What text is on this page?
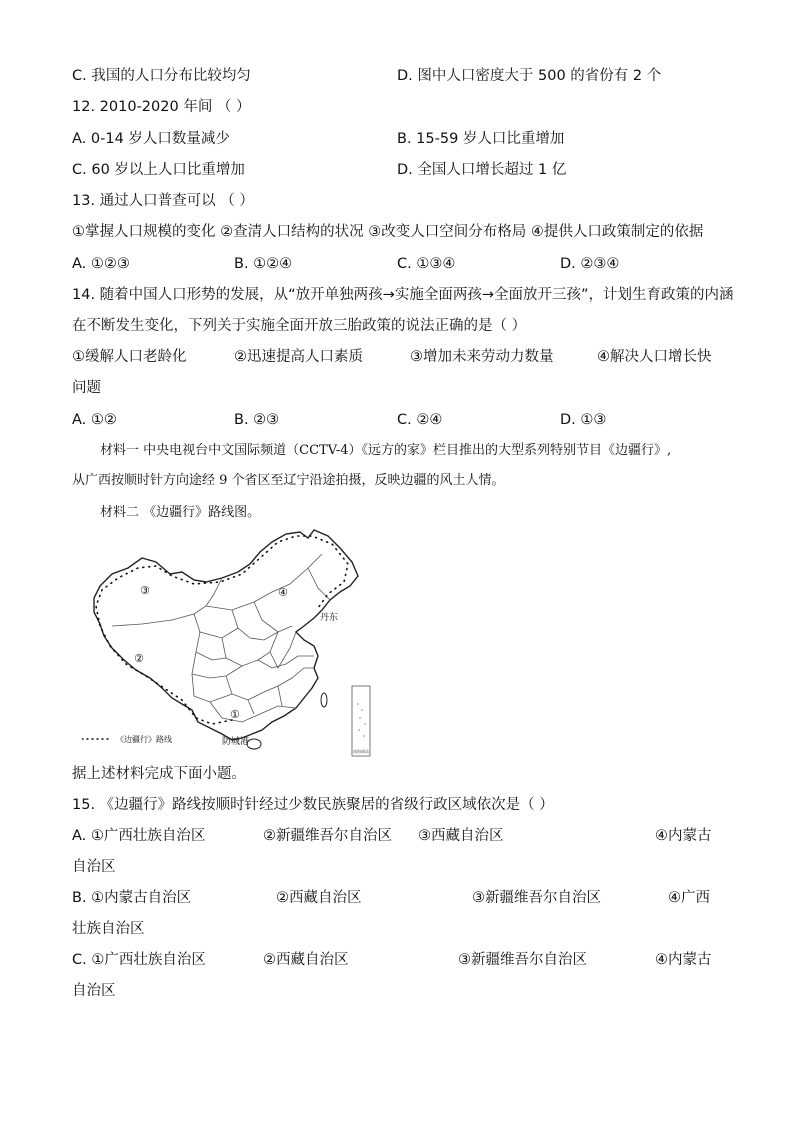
C. 我国的人口分布比较均匀	D. 图中人口密度大于 500 的省份有 2 个
12. 2010-2020 年间 （ ）
A. 0-14 岁人口数量减少	B. 15-59 岁人口比重增加
C. 60 岁以上人口比重增加	D. 全国人口增长超过 1 亿
13. 通过人口普查可以 （ ）
①掌握人口规模的变化 ②查清人口结构的状况 ③改变人口空间分布格局 ④提供人口政策制定的依据
A. ①②③	B. ①②④	C. ①③④	D. ②③④
14. 随着中国人口形势的发展，从“放开单独两孩→实施全面两孩→全面放开三孩”，计划生育政策的内涵
在不断发生变化，下列关于实施全面开放三胎政策的说法正确的是（ ）
①缓解人口老龄化	②迅速提高人口素质	③增加未来劳动力数量	④解决人口增长快
问题
A. ①②	B. ②③	C. ②④	D. ①③
材料一 中央电视台中文国际频道（CCTV-4）《远方的家》栏目推出的大型系列特别节目《边疆行》,
从广西按顺时针方向途经 9 个省区至辽宁沿途拍摄，反映边疆的风土人情。
材料二 《边疆行》路线图。
①
②
③	④
丹东
防城港
《边疆行》路线
南海诸岛
据上述材料完成下面小题。
15. 《边疆行》路线按顺时针经过少数民族聚居的省级行政区域依次是（ ）
A. ①广西壮族自治区	②新疆维吾尔自治区 ③西藏自治区	④内蒙古
自治区
B. ①内蒙古自治区	②西藏自治区	③新疆维吾尔自治区	④广西
壮族自治区
C. ①广西壮族自治区	②西藏自治区	③新疆维吾尔自治区	④内蒙古
自治区
